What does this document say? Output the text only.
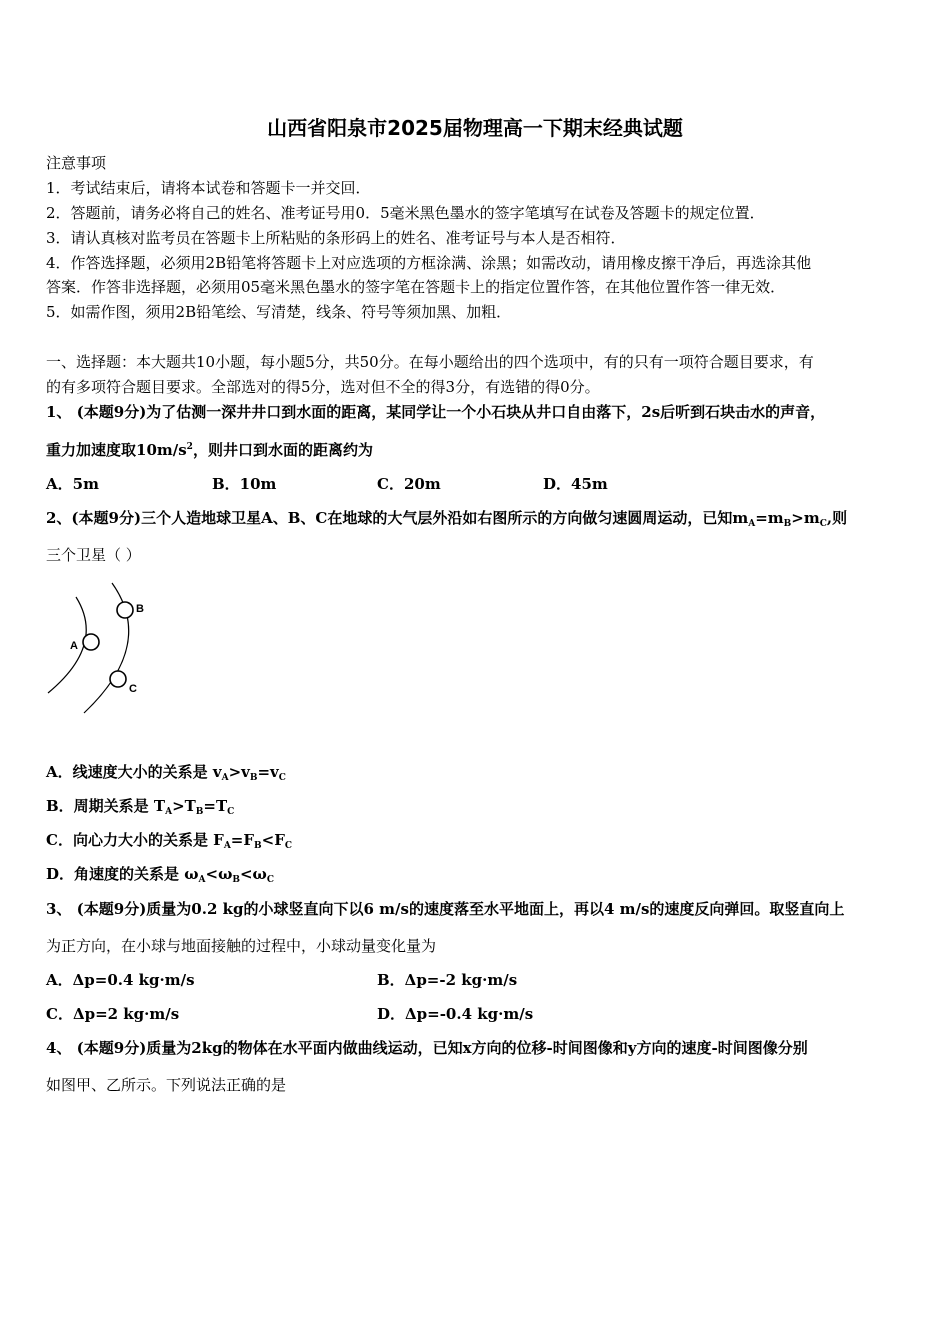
山西省阳泉市2025届物理高一下期末经典试题
注意事项
1．考试结束后，请将本试卷和答题卡一并交回．
2．答题前，请务必将自己的姓名、准考证号用0．5毫米黑色墨水的签字笔填写在试卷及答题卡的规定位置．
3．请认真核对监考员在答题卡上所粘贴的条形码上的姓名、准考证号与本人是否相符．
4．作答选择题，必须用2B铅笔将答题卡上对应选项的方框涂满、涂黑；如需改动，请用橡皮擦干净后，再选涂其他
答案．作答非选择题，必须用05毫米黑色墨水的签字笔在答题卡上的指定位置作答，在其他位置作答一律无效．
5．如需作图，须用2B铅笔绘、写清楚，线条、符号等须加黑、加粗．
一、选择题：本大题共10小题，每小题5分，共50分。在每小题给出的四个选项中，有的只有一项符合题目要求，有
的有多项符合题目要求。全部选对的得5分，选对但不全的得3分，有选错的得0分。
1、 (本题9分)为了估测一深井井口到水面的距离，某同学让一个小石块从井口自由落下，2s后听到石块击水的声音，
重力加速度取$10m/s^2$，则井口到水面的距离约为
A．5m	B．10m	C．20m	D．45m
2、(本题9分)三个人造地球卫星A、B、C在地球的大气层外沿如右图所示的方向做匀速圆周运动，已知$m_A=m_B>m_C$,则
三个卫星（ ）
A
B
C
A．线速度大小的关系是 $v_A>v_B=v_C$
B．周期关系是 $T_A>T_B=T_C$
C．向心力大小的关系是 $F_A=F_B<F_C$
D．角速度的关系是 $\omega_A<\omega_B<\omega_C$
3、 (本题9分)质量为0.2 kg的小球竖直向下以6 m/s的速度落至水平地面上，再以4 m/s的速度反向弹回。取竖直向上
为正方向，在小球与地面接触的过程中，小球动量变化量为
A．Δp=0.4 kg·m/s	B．Δp=-2 kg·m/s
C．Δp=2 kg·m/s	D．Δp=-0.4 kg·m/s
4、 (本题9分)质量为2kg的物体在水平面内做曲线运动，已知x方向的位移-时间图像和y方向的速度-时间图像分别
如图甲、乙所示。下列说法正确的是
